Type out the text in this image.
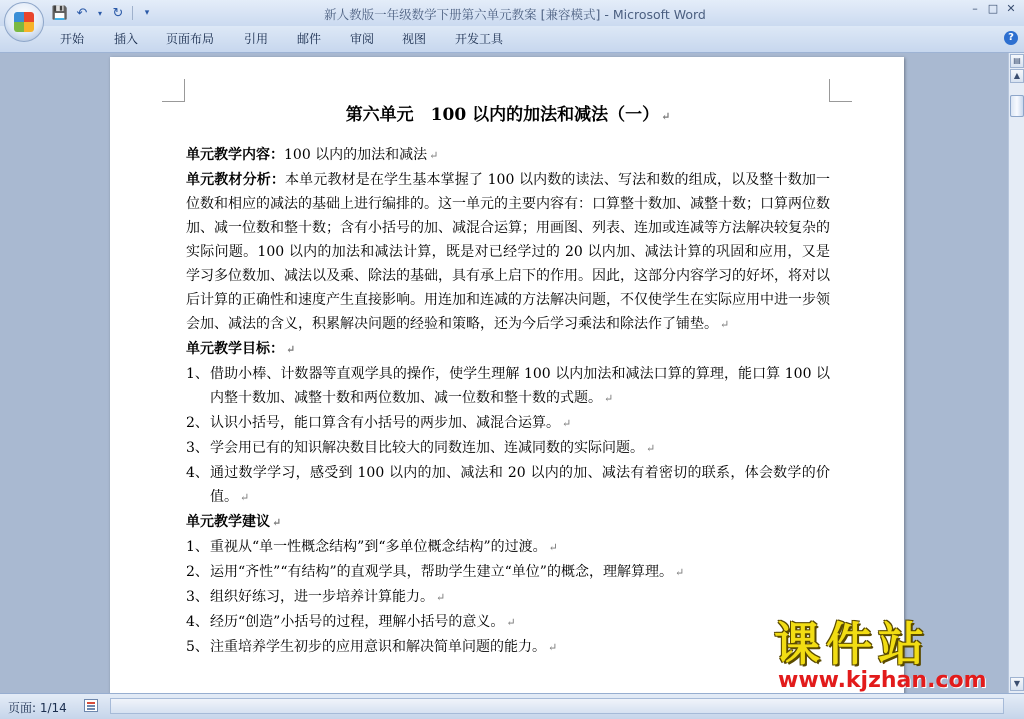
💾 ↶	▾ ↻	▾	新人教版一年级数学下册第六单元教案 [兼容模式] - Microsoft Word	– □ ✕
开始 插入 页面布局 引用 邮件 审阅 视图 开发工具	?
第六单元　100 以内的加法和减法（一） ↵

单元教学内容：100 以内的加法和减法 ↵

单元教材分析：本单元教材是在学生基本掌握了 100 以内数的读法、写法和数的组成，以及整十数加一位数和相应的减法的基础上进行编排的。这一单元的主要内容有：口算整十数加、减整十数；口算两位数加、减一位数和整十数；含有小括号的加、减混合运算；用画图、列表、连加或连减等方法解决较复杂的实际问题。100 以内的加法和减法计算，既是对已经学过的 20 以内加、减法计算的巩固和应用，又是学习多位数加、减法以及乘、除法的基础，具有承上启下的作用。因此，这部分内容学习的好坏，将对以后计算的正确性和速度产生直接影响。用连加和连减的方法解决问题，不仅使学生在实际应用中进一步领会加、减法的含义，积累解决问题的经验和策略，还为今后学习乘法和除法作了铺垫。 ↵

单元教学目标： ↵

1、 借助小棒、计数器等直观学具的操作，使学生理解 100 以内加法和减法口算的算理，能口算 100 以内整十数加、减整十数和两位数加、减一位数和整十数的式题。 ↵
2、 认识小括号，能口算含有小括号的两步加、减混合运算。 ↵
3、 学会用已有的知识解决数目比较大的同数连加、连减同数的实际问题。 ↵
4、 通过数学学习，感受到 100 以内的加、减法和 20 以内的加、减法有着密切的联系，体会数学的价值。 ↵

单元教学建议 ↵

1、 重视从“单一性概念结构”到“多单位概念结构”的过渡。 ↵
2、 运用“齐性”“有结构”的直观学具，帮助学生建立“单位”的概念，理解算理。 ↵
3、 组织好练习，进一步培养计算能力。 ↵
4、 经历“创造”小括号的过程，理解小括号的意义。 ↵
5、 注重培养学生初步的应用意识和解决简单问题的能力。 ↵
▤
▲
▼
页面: 1/14
课件站
www.kjzhan.com
